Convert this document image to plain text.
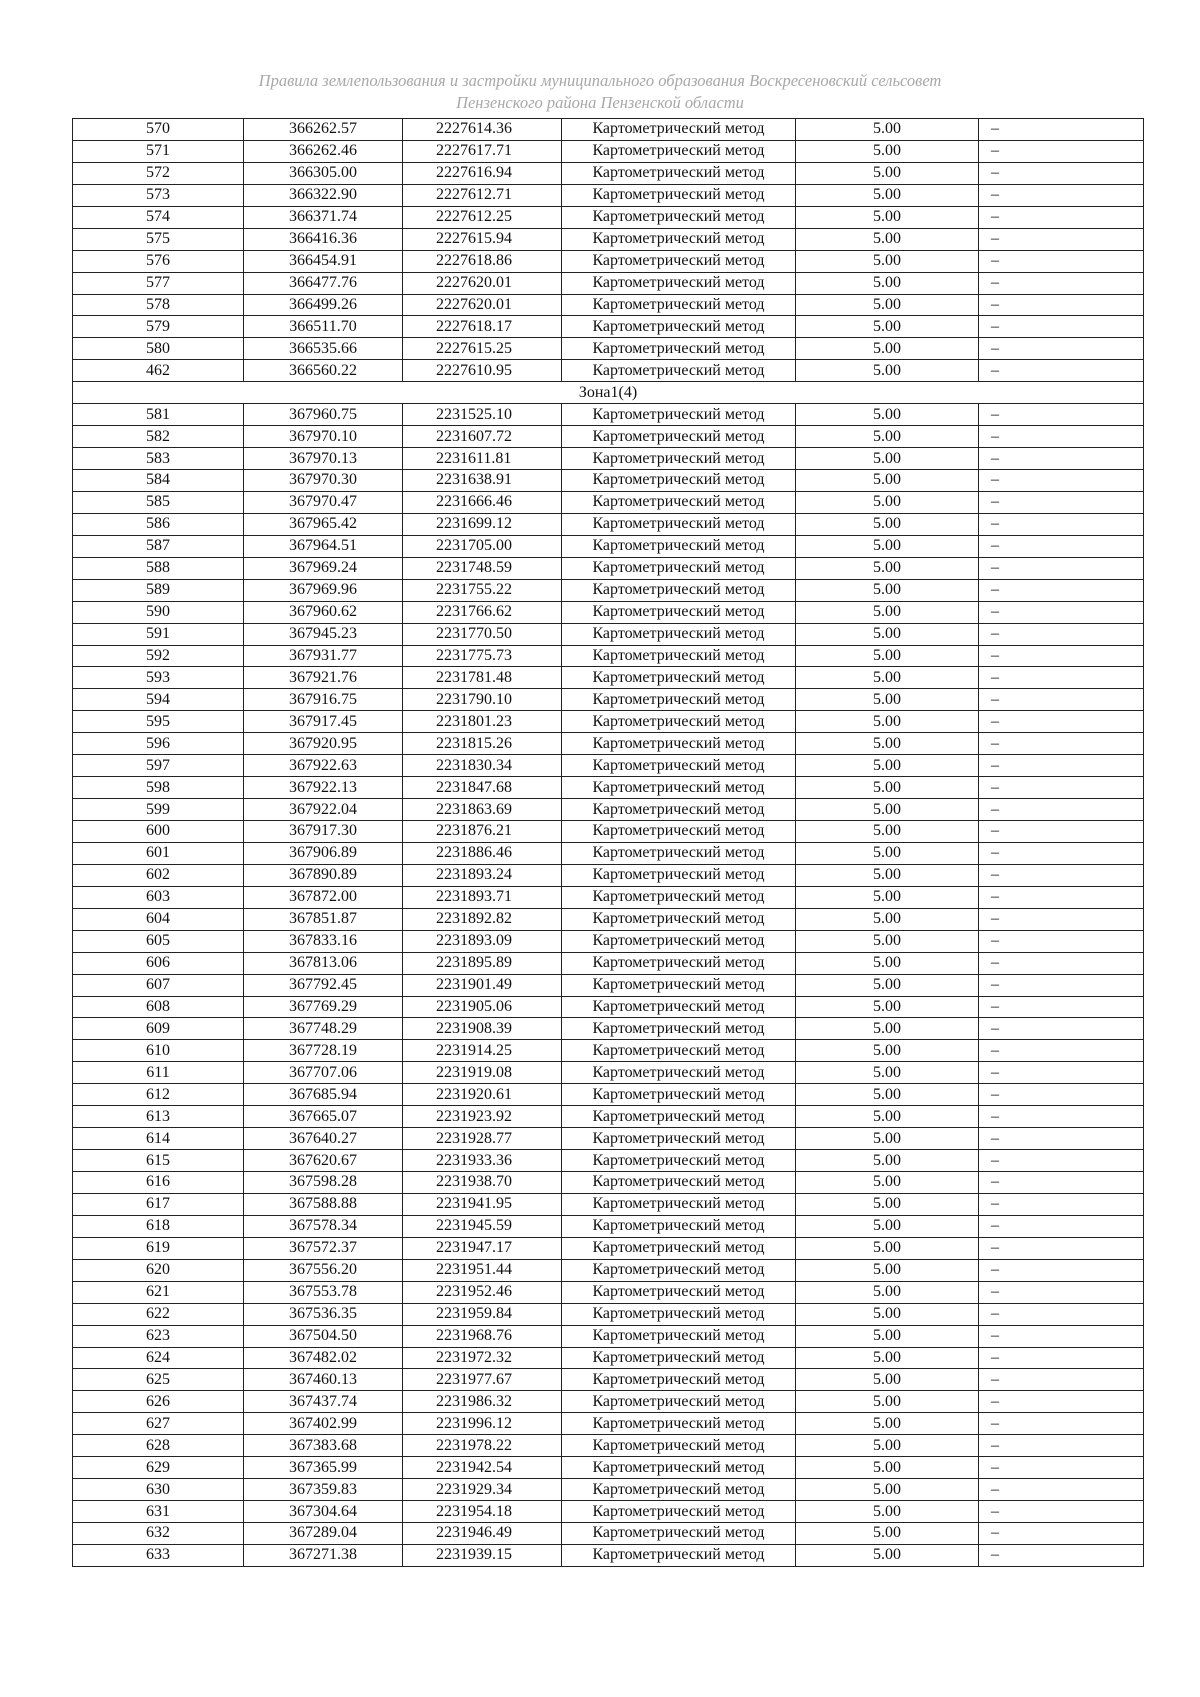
Правила землепользования и застройки муниципального образования Воскресеновский сельсовет
Пензенского района Пензенской области
570	366262.57	2227614.36	Картометрический метод	5.00	–
571	366262.46	2227617.71	Картометрический метод	5.00	–
572	366305.00	2227616.94	Картометрический метод	5.00	–
573	366322.90	2227612.71	Картометрический метод	5.00	–
574	366371.74	2227612.25	Картометрический метод	5.00	–
575	366416.36	2227615.94	Картометрический метод	5.00	–
576	366454.91	2227618.86	Картометрический метод	5.00	–
577	366477.76	2227620.01	Картометрический метод	5.00	–
578	366499.26	2227620.01	Картометрический метод	5.00	–
579	366511.70	2227618.17	Картометрический метод	5.00	–
580	366535.66	2227615.25	Картометрический метод	5.00	–
462	366560.22	2227610.95	Картометрический метод	5.00	–
Зона1(4)					
581	367960.75	2231525.10	Картометрический метод	5.00	–
582	367970.10	2231607.72	Картометрический метод	5.00	–
583	367970.13	2231611.81	Картометрический метод	5.00	–
584	367970.30	2231638.91	Картометрический метод	5.00	–
585	367970.47	2231666.46	Картометрический метод	5.00	–
586	367965.42	2231699.12	Картометрический метод	5.00	–
587	367964.51	2231705.00	Картометрический метод	5.00	–
588	367969.24	2231748.59	Картометрический метод	5.00	–
589	367969.96	2231755.22	Картометрический метод	5.00	–
590	367960.62	2231766.62	Картометрический метод	5.00	–
591	367945.23	2231770.50	Картометрический метод	5.00	–
592	367931.77	2231775.73	Картометрический метод	5.00	–
593	367921.76	2231781.48	Картометрический метод	5.00	–
594	367916.75	2231790.10	Картометрический метод	5.00	–
595	367917.45	2231801.23	Картометрический метод	5.00	–
596	367920.95	2231815.26	Картометрический метод	5.00	–
597	367922.63	2231830.34	Картометрический метод	5.00	–
598	367922.13	2231847.68	Картометрический метод	5.00	–
599	367922.04	2231863.69	Картометрический метод	5.00	–
600	367917.30	2231876.21	Картометрический метод	5.00	–
601	367906.89	2231886.46	Картометрический метод	5.00	–
602	367890.89	2231893.24	Картометрический метод	5.00	–
603	367872.00	2231893.71	Картометрический метод	5.00	–
604	367851.87	2231892.82	Картометрический метод	5.00	–
605	367833.16	2231893.09	Картометрический метод	5.00	–
606	367813.06	2231895.89	Картометрический метод	5.00	–
607	367792.45	2231901.49	Картометрический метод	5.00	–
608	367769.29	2231905.06	Картометрический метод	5.00	–
609	367748.29	2231908.39	Картометрический метод	5.00	–
610	367728.19	2231914.25	Картометрический метод	5.00	–
611	367707.06	2231919.08	Картометрический метод	5.00	–
612	367685.94	2231920.61	Картометрический метод	5.00	–
613	367665.07	2231923.92	Картометрический метод	5.00	–
614	367640.27	2231928.77	Картометрический метод	5.00	–
615	367620.67	2231933.36	Картометрический метод	5.00	–
616	367598.28	2231938.70	Картометрический метод	5.00	–
617	367588.88	2231941.95	Картометрический метод	5.00	–
618	367578.34	2231945.59	Картометрический метод	5.00	–
619	367572.37	2231947.17	Картометрический метод	5.00	–
620	367556.20	2231951.44	Картометрический метод	5.00	–
621	367553.78	2231952.46	Картометрический метод	5.00	–
622	367536.35	2231959.84	Картометрический метод	5.00	–
623	367504.50	2231968.76	Картометрический метод	5.00	–
624	367482.02	2231972.32	Картометрический метод	5.00	–
625	367460.13	2231977.67	Картометрический метод	5.00	–
626	367437.74	2231986.32	Картометрический метод	5.00	–
627	367402.99	2231996.12	Картометрический метод	5.00	–
628	367383.68	2231978.22	Картометрический метод	5.00	–
629	367365.99	2231942.54	Картометрический метод	5.00	–
630	367359.83	2231929.34	Картометрический метод	5.00	–
631	367304.64	2231954.18	Картометрический метод	5.00	–
632	367289.04	2231946.49	Картометрический метод	5.00	–
633	367271.38	2231939.15	Картометрический метод	5.00	–
